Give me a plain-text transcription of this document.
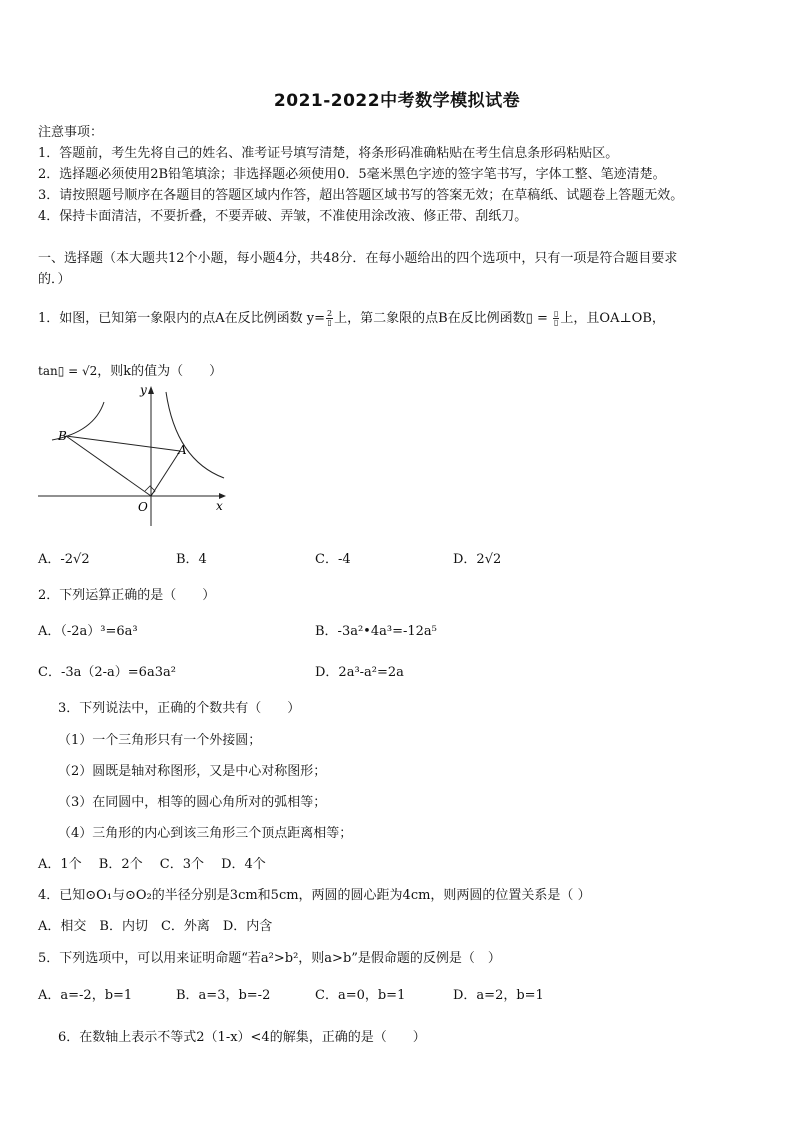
2021-2022中考数学模拟试卷
注意事项：
1．答题前，考生先将自己的姓名、准考证号填写清楚，将条形码准确粘贴在考生信息条形码粘贴区。
2．选择题必须使用2B铅笔填涂；非选择题必须使用0．5毫米黑色字迹的签字笔书写，字体工整、笔迹清楚。
3．请按照题号顺序在各题目的答题区域内作答，超出答题区域书写的答案无效；在草稿纸、试题卷上答题无效。
4．保持卡面清洁，不要折叠，不要弄破、弄皱，不准使用涂改液、修正带、刮纸刀。
一、选择题（本大题共12个小题，每小题4分，共48分．在每小题给出的四个选项中，只有一项是符合题目要求
的．）
1．如图，已知第一象限内的点A在反比例函数 $y= \frac{2}{▯}$ 上，第二象限的点B在反比例函数▯ = $\frac{▯}{▯}$ 上，且OA⊥OB，
tan▯ = √2，则k的值为（　　）
y
x
O
A
B
A．-2√2	B．4	C．-4	D．2√2
2．下列运算正确的是（　　）
A．（-2a）³=6a³	B．-3a²•4a³=-12a⁵
C．-3a（2-a）=6a3a²	D．2a³-a²=2a
3．下列说法中，正确的个数共有（　　）
（1）一个三角形只有一个外接圆；
（2）圆既是轴对称图形，又是中心对称图形；
（3）在同圆中，相等的圆心角所对的弧相等；
（4）三角形的内心到该三角形三个顶点距离相等；
A．1个　 B．2个　 C．3个　 D．4个
4．已知⊙O₁与⊙O₂的半径分别是3cm和5cm，两圆的圆心距为4cm，则两圆的位置关系是（ ）
A．相交　B．内切　C．外离　D．内含
5．下列选项中，可以用来证明命题“若a²>b²，则a>b”是假命题的反例是（　）
A．a=-2，b=1	B．a=3，b=-2	C．a=0，b=1	D．a=2，b=1
6．在数轴上表示不等式2（1-x）<4的解集，正确的是（　　）
